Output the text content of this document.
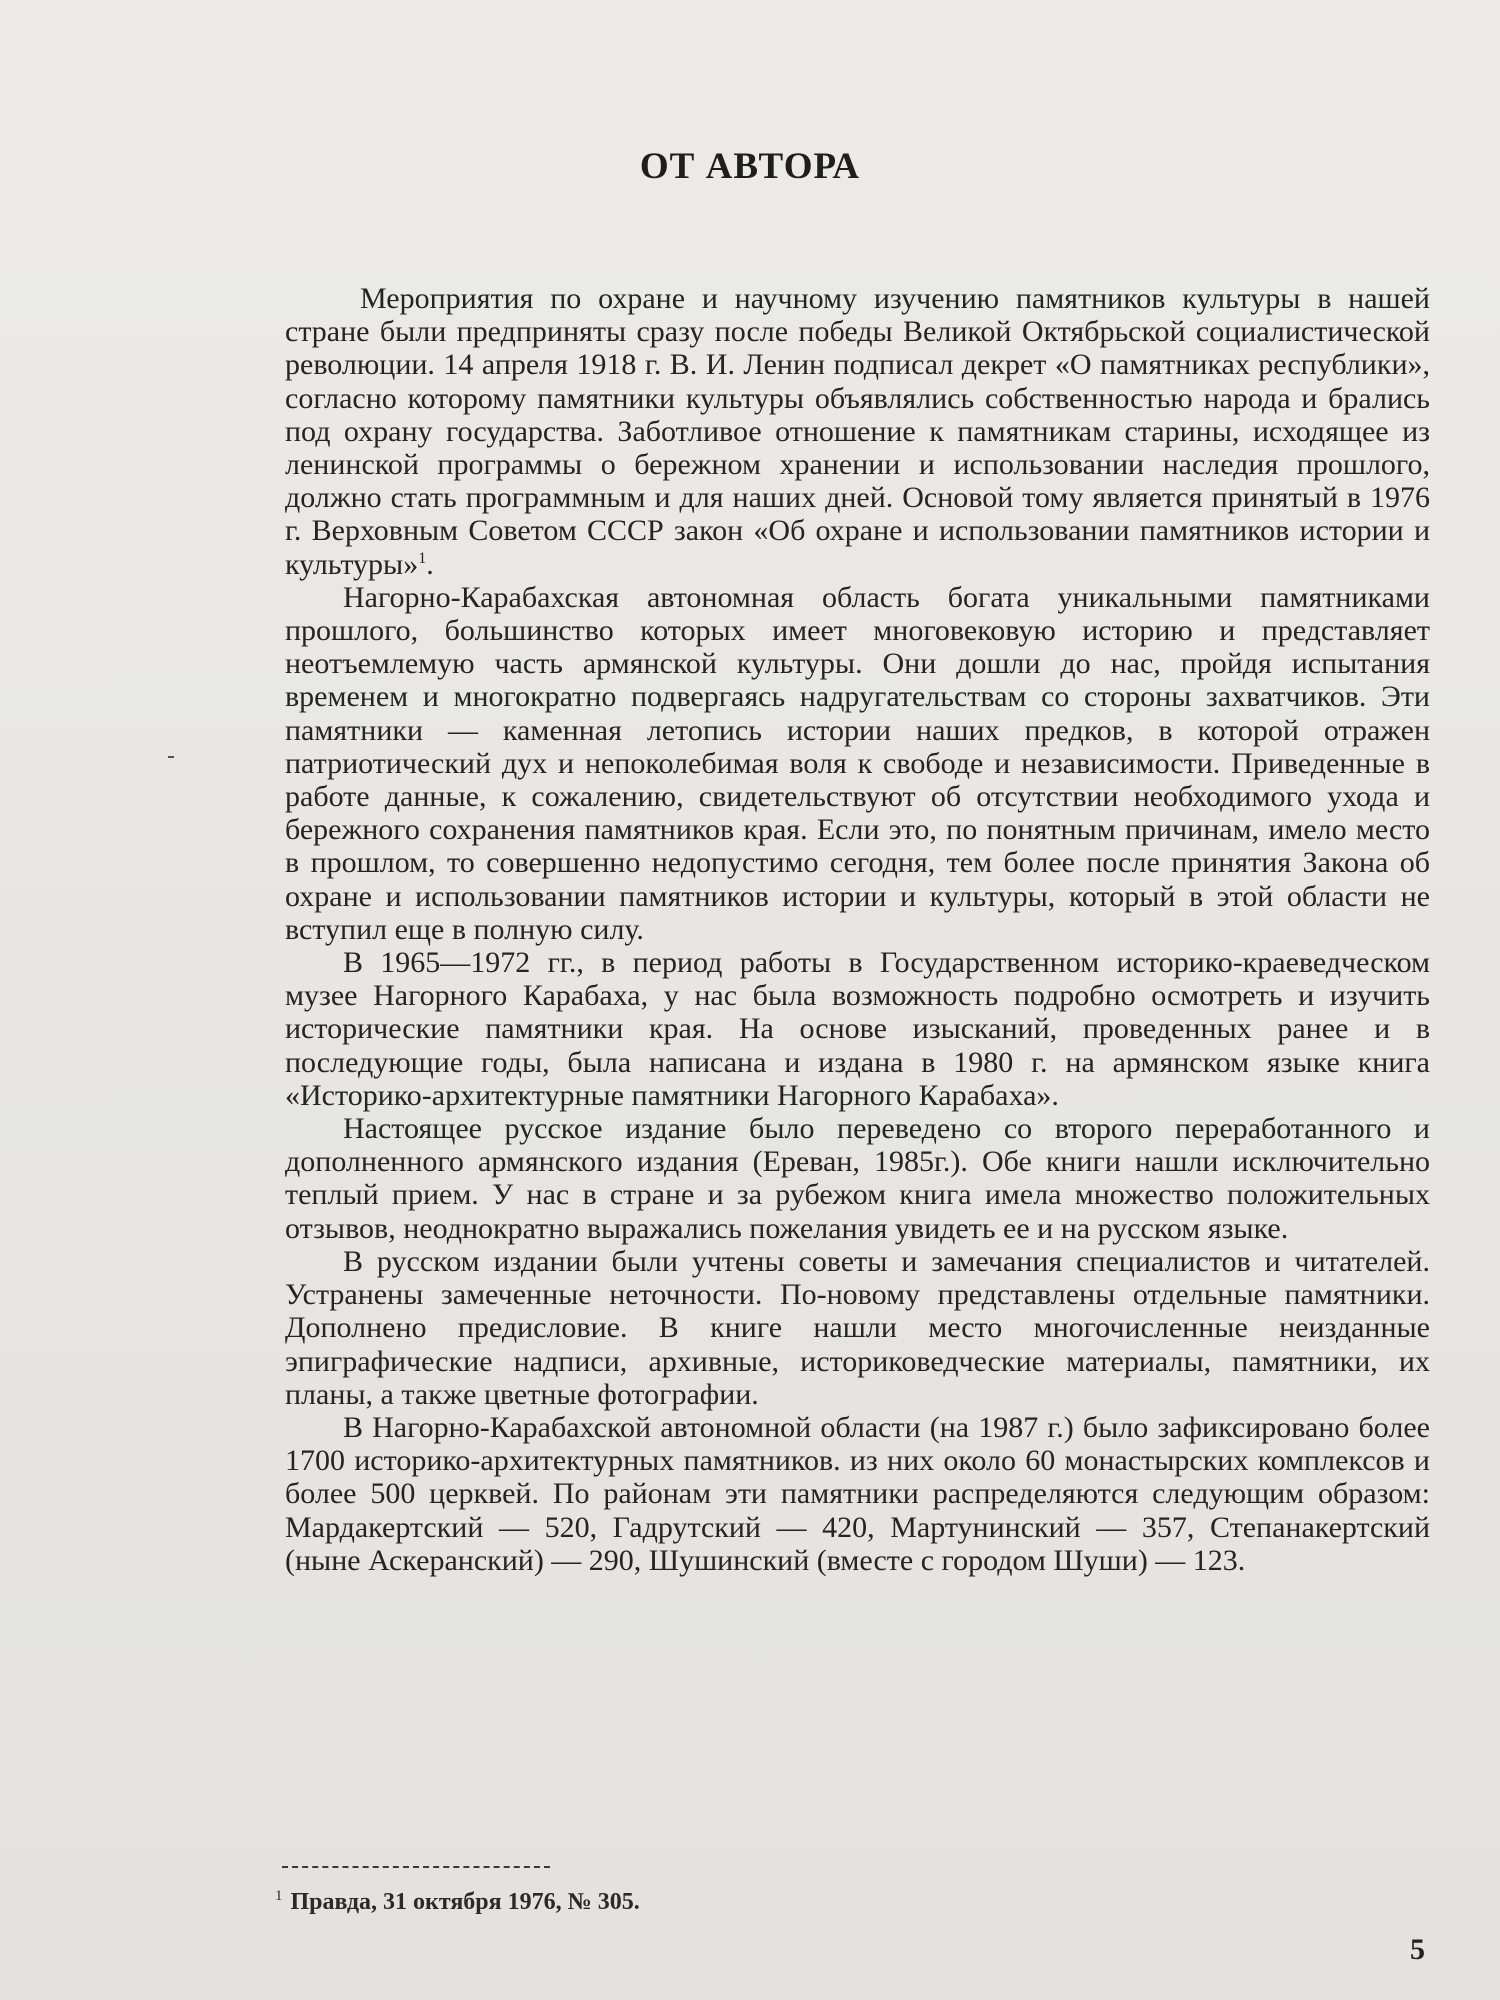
ОТ АВТОРА

Мероприятия по охране и научному изучению памятников культуры в нашей стране были предприняты сразу после победы Великой Октябрьской социалистической революции. 14 апреля 1918 г. В. И. Ленин подписал декрет «О памятниках республики», согласно которому памятники культуры объявлялись собственностью народа и брались под охрану государства. Заботливое отношение к памятникам старины, исходящее из ленинской программы о бережном хранении и использовании наследия прошлого, должно стать программным и для наших дней. Основой тому является принятый в 1976 г. Верховным Советом СССР закон «Об охране и использовании памятников истории и культуры»$^1$.

Нагорно-Карабахская автономная область богата уникальными памятниками прошлого, большинство которых имеет многовековую историю и представляет неотъемлемую часть армянской культуры. Они дошли до нас, пройдя испытания временем и многократно подвергаясь надругательствам со стороны захватчиков. Эти памятники — каменная летопись истории наших предков, в которой отражен патриотический дух и непоколебимая воля к свободе и независимости. Приведенные в работе данные, к сожалению, свидетельствуют об отсутствии необходимого ухода и бережного сохранения памятников края. Если это, по понятным причинам, имело место в прошлом, то совершенно недопустимо сегодня, тем более после принятия Закона об охране и использовании памятников истории и культуры, который в этой области не вступил еще в полную силу.

В 1965—1972 гг., в период работы в Государственном историко-краеведческом музее Нагорного Карабаха, у нас была возможность подробно осмотреть и изучить исторические памятники края. На основе изысканий, проведенных ранее и в последующие годы, была написана и издана в 1980 г. на армянском языке книга «Историко-архитектурные памятники Нагорного Карабаха».

Настоящее русское издание было переведено со второго переработанного и дополненного армянского издания (Ереван, 1985г.). Обе книги нашли исключительно теплый прием. У нас в стране и за рубежом книга имела множество положительных отзывов, неоднократно выражались пожелания увидеть ее и на русском языке.

В русском издании были учтены советы и замечания специалистов и читателей. Устранены замеченные неточности. По-новому представлены отдельные памятники. Дополнено предисловие. В книге нашли место многочисленные неизданные эпиграфические надписи, архивные, историковедческие материалы, памятники, их планы, а также цветные фотографии.

В Нагорно-Карабахской автономной области (на 1987 г.) было зафиксировано более 1700 историко-архитектурных памятников. из них около 60 монастырских комплексов и более 500 церквей. По районам эти памятники распределяются следующим образом: Мардакертский — 520, Гадрутский — 420, Мартунинский — 357, Степанакертский (ныне Аскеранский) — 290, Шушинский (вместе с городом Шуши) — 123.

$^1$ Правда, 31 октября 1976, № 305.
5
